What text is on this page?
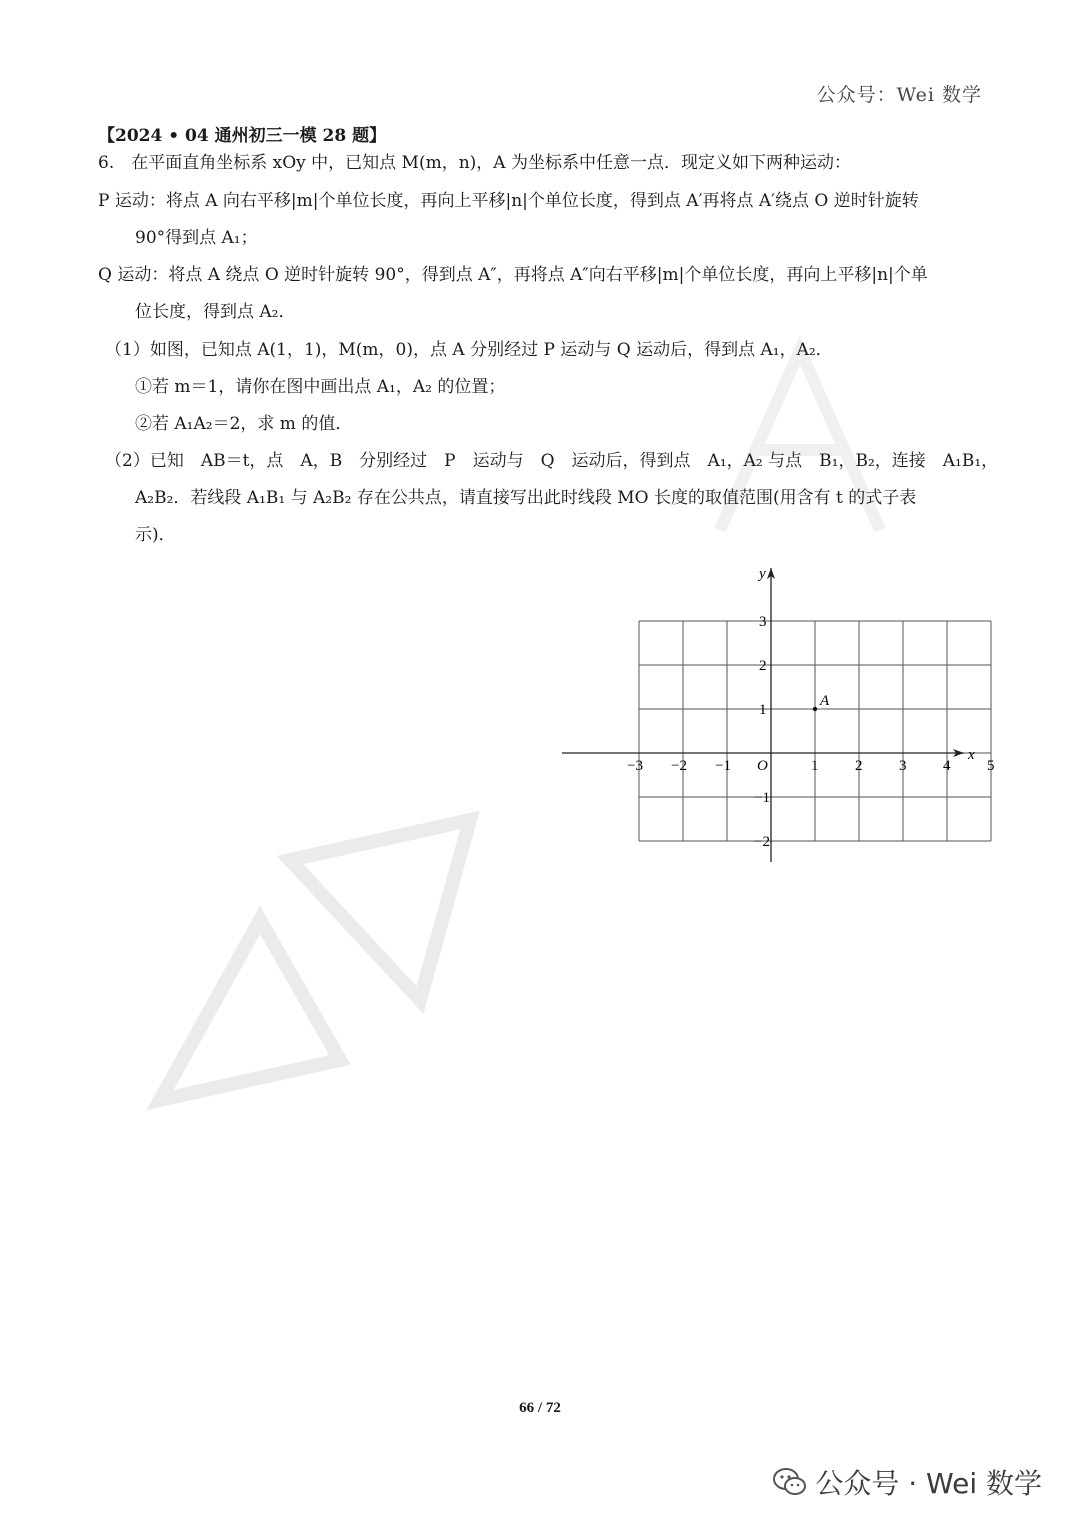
公众号：Wei 数学
【2024 • 04 通州初三一模 28 题】
6.　在平面直角坐标系 xOy 中，已知点 M(m，n)，A 为坐标系中任意一点．现定义如下两种运动：
P 运动：将点 A 向右平移|m|个单位长度，再向上平移|n|个单位长度，得到点 A′再将点 A′绕点 O 逆时针旋转
90°得到点 A₁；
Q 运动：将点 A 绕点 O 逆时针旋转 90°，得到点 A″，再将点 A″向右平移|m|个单位长度，再向上平移|n|个单
位长度，得到点 A₂．
（1）如图，已知点 A(1，1)，M(m，0)，点 A 分别经过 P 运动与 Q 运动后，得到点 A₁，A₂．
①若 m＝1，请你在图中画出点 A₁，A₂ 的位置；
②若 A₁A₂＝2，求 m 的值．
（2）已知　AB＝t，点　A，B　分别经过　P　运动与　Q　运动后，得到点　A₁，A₂ 与点　B₁，B₂，连接　A₁B₁，
A₂B₂．若线段 A₁B₁ 与 A₂B₂ 存在公共点，请直接写出此时线段 MO 长度的取值范围(用含有 t 的式子表
示)．
x
y
O
−3 −2 −1	1 2 3 4 5
3
2
1
−1
−2
A
66 / 72
公众号 · Wei 数学
